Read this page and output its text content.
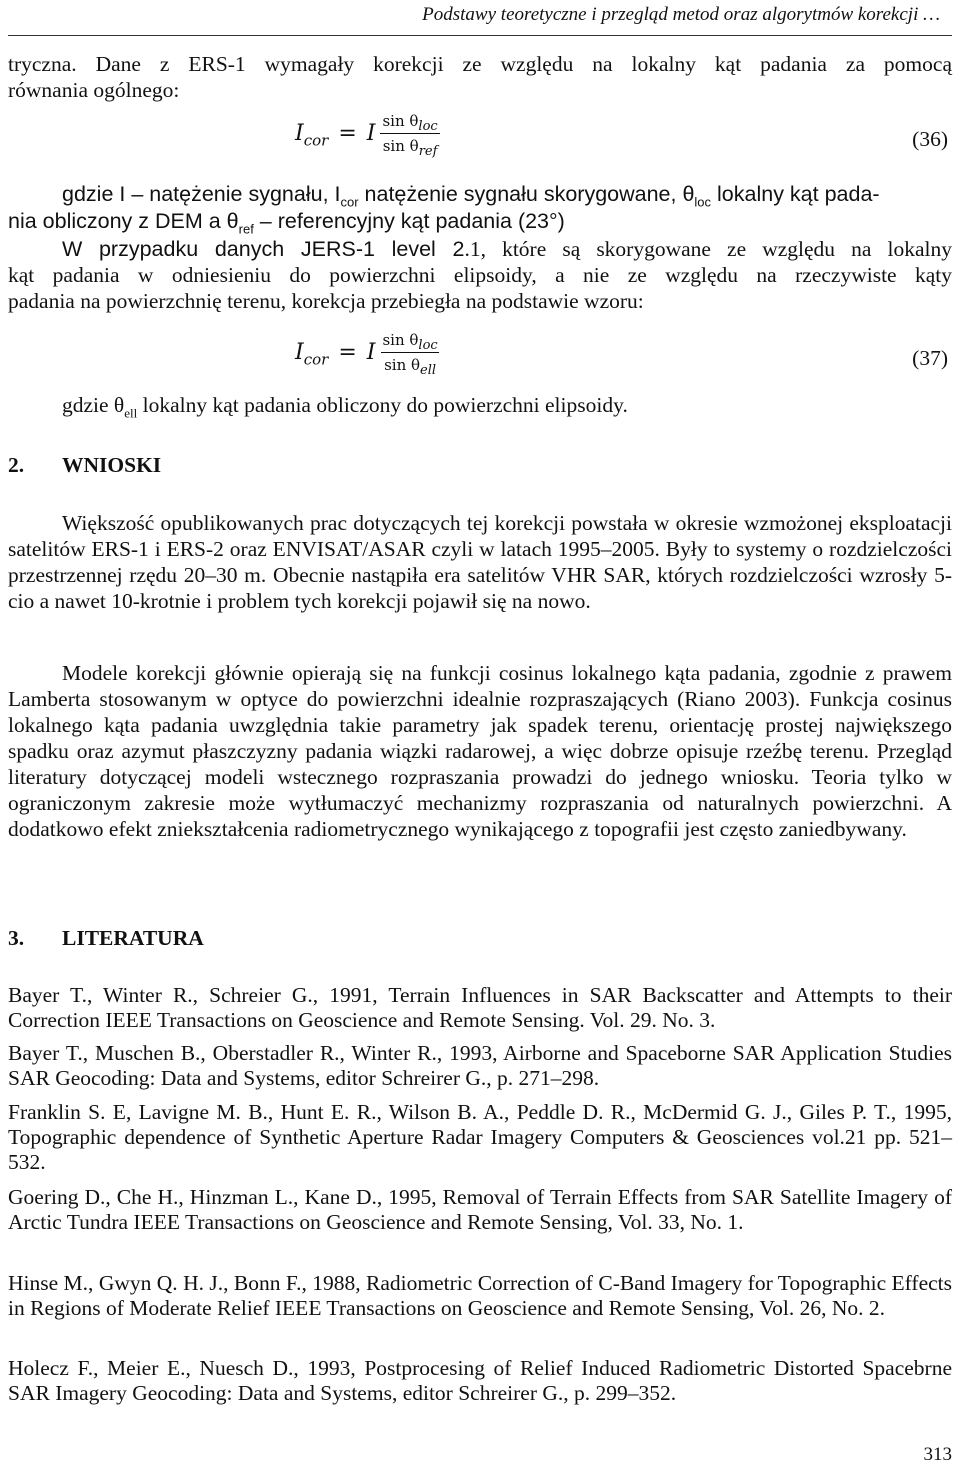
Podstawy teoretyczne i przegląd metod oraz algorytmów korekcji …
tryczna. Dane z ERS-1 wymagały korekcji ze względu na lokalny kąt padania za pomocą
równania ogólnego:
$I_{cor} = I \frac{\sin \theta_{loc}}{\sin \theta_{ref}}$	(36)
gdzie I – natężenie sygnału, $I_{cor}$ natężenie sygnału skorygowane, $\theta_{loc}$ lokalny kąt pada-
nia obliczony z DEM a $\theta_{ref}$ – referencyjny kąt padania (23°)
W przypadku danych JERS-1 level 2.1, które są skorygowane ze względu na lokalny
kąt padania w odniesieniu do powierzchni elipsoidy, a nie ze względu na rzeczywiste kąty
padania na powierzchnię terenu, korekcja przebiegła na podstawie wzoru:
$I_{cor} = I \frac{\sin \theta_{loc}}{\sin \theta_{ell}}$	(37)
gdzie $\theta_{ell}$ lokalny kąt padania obliczony do powierzchni elipsoidy.
2. WNIOSKI
Większość opublikowanych prac dotyczących tej korekcji powstała w okresie wzmożonej eksploatacji satelitów ERS-1 i ERS-2 oraz ENVISAT/ASAR czyli w latach 1995–2005. Były to systemy o rozdzielczości przestrzennej rzędu 20–30 m. Obecnie nastąpiła era satelitów VHR SAR, których rozdzielczości wzrosły 5-cio a nawet 10-krotnie i problem tych korekcji pojawił się na nowo.
Modele korekcji głównie opierają się na funkcji cosinus lokalnego kąta padania, zgodnie z prawem Lamberta stosowanym w optyce do powierzchni idealnie rozpraszających (Riano 2003). Funkcja cosinus lokalnego kąta padania uwzględnia takie parametry jak spadek terenu, orientację prostej największego spadku oraz azymut płaszczyzny padania wiązki radarowej, a więc dobrze opisuje rzeźbę terenu. Przegląd literatury dotyczącej modeli wstecznego rozpraszania prowadzi do jednego wniosku. Teoria tylko w ograniczonym zakresie może wytłumaczyć mechanizmy rozpraszania od naturalnych powierzchni. A dodatkowo efekt zniekształcenia radiometrycznego wynikającego z topografii jest często zaniedbywany.
3. LITERATURA
Bayer T., Winter R., Schreier G., 1991, Terrain Influences in SAR Backscatter and Attempts to their Correction IEEE Transactions on Geoscience and Remote Sensing. Vol. 29. No. 3.
Bayer T., Muschen B., Oberstadler R., Winter R., 1993, Airborne and Spaceborne SAR Application Studies SAR Geocoding: Data and Systems, editor Schreirer G., p. 271–298.
Franklin S. E, Lavigne M. B., Hunt E. R., Wilson B. A., Peddle D. R., McDermid G. J., Giles P. T., 1995, Topographic dependence of Synthetic Aperture Radar Imagery Computers & Geosciences vol.21 pp. 521–532.
Goering D., Che H., Hinzman L., Kane D., 1995, Removal of Terrain Effects from SAR Satellite Imagery of Arctic Tundra IEEE Transactions on Geoscience and Remote Sensing, Vol. 33, No. 1.
Hinse M., Gwyn Q. H. J., Bonn F., 1988, Radiometric Correction of C-Band Imagery for Topographic Effects in Regions of Moderate Relief IEEE Transactions on Geoscience and Remote Sensing, Vol. 26, No. 2.
Holecz F., Meier E., Nuesch D., 1993, Postprocesing of Relief Induced Radiometric Distorted Spacebrne SAR Imagery Geocoding: Data and Systems, editor Schreirer G., p. 299–352.
313
